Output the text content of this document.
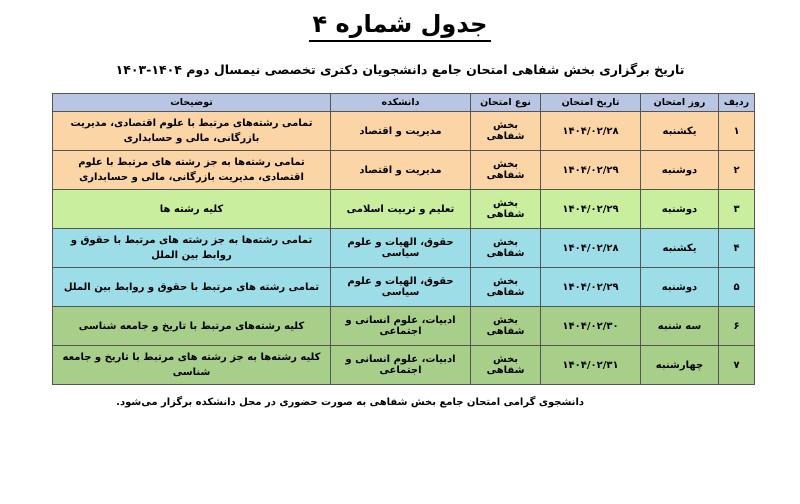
جدول شماره ۴
تاریخ برگزاری بخش شفاهی امتحان جامع دانشجویان دکتری تخصصی نیمسال دوم ۱۴۰۴-۱۴۰۳
ردیف	روز امتحان	تاریخ امتحان	نوع امتحان	دانشکده	توضیحات
۱	یکشنبه	۱۴۰۴/۰۲/۲۸	بخش شفاهی	مدیریت و اقتصاد	تمامی رشته‌های مرتبط با علوم اقتصادی، مدیریت بازرگانی، مالی و حسابداری
۲	دوشنبه	۱۴۰۴/۰۲/۲۹	بخش شفاهی	مدیریت و اقتصاد	تمامی رشته‌ها به جز رشته های مرتبط با علوم اقتصادی، مدیریت بازرگانی، مالی و حسابداری
۳	دوشنبه	۱۴۰۴/۰۲/۲۹	بخش شفاهی	تعلیم و تربیت اسلامی	کلیه رشته ها
۴	یکشنبه	۱۴۰۴/۰۲/۲۸	بخش شفاهی	حقوق، الهیات و علوم سیاسی	تمامی رشته‌ها به جز رشته های مرتبط با حقوق و روابط بین الملل
۵	دوشنبه	۱۴۰۴/۰۲/۲۹	بخش شفاهی	حقوق، الهیات و علوم سیاسی	تمامی رشته های مرتبط با حقوق و روابط بین الملل
۶	سه شنبه	۱۴۰۴/۰۲/۳۰	بخش شفاهی	ادبیات، علوم انسانی و اجتماعی	کلیه رشته‌های مرتبط با تاریخ و جامعه شناسی
۷	چهارشنبه	۱۴۰۴/۰۲/۳۱	بخش شفاهی	ادبیات، علوم انسانی و اجتماعی	کلیه رشته‌ها به جز رشته های مرتبط با تاریخ و جامعه شناسی
دانشجوی گرامی امتحان جامع بخش شفاهی به صورت حضوری در محل دانشکده برگزار می‌شود.
